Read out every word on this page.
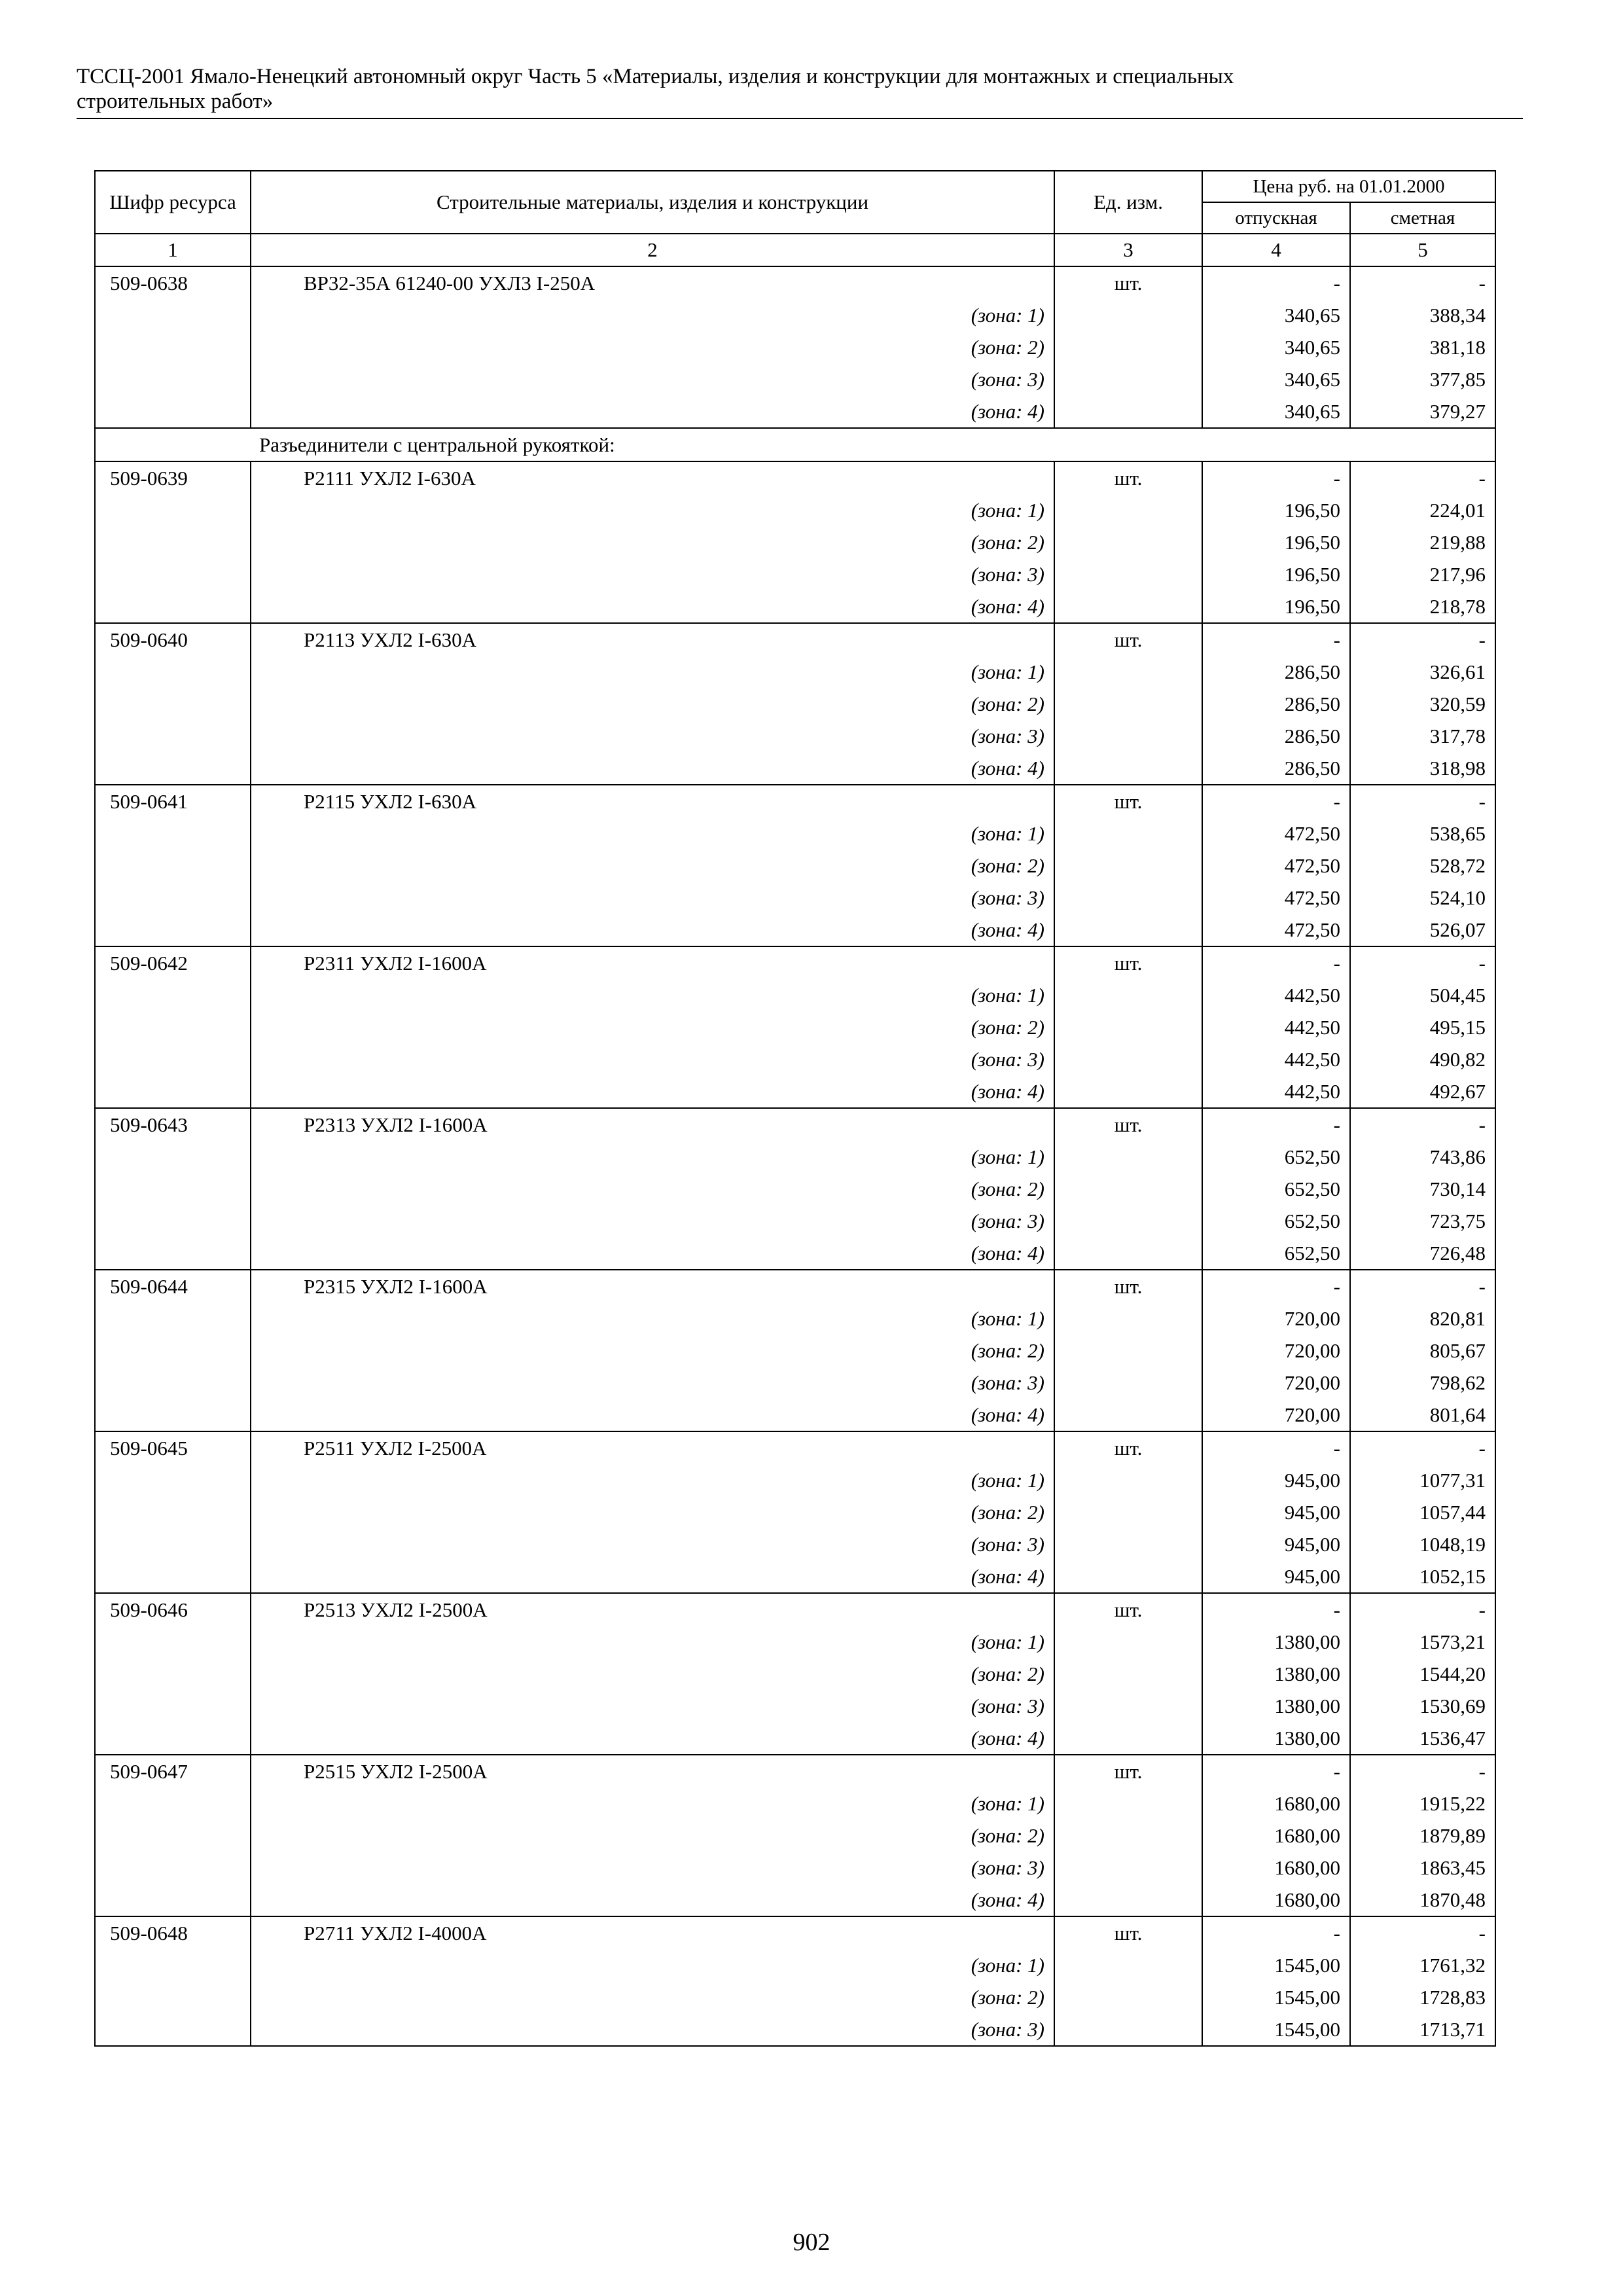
ТССЦ-2001 Ямало-Ненецкий автономный округ Часть 5 «Материалы, изделия и конструкции для монтажных и специальных
строительных работ»
Шифр ресурса	Строительные материалы, изделия и конструкции	Ед. изм.	Цена руб. на 01.01.2000	
			отпускная	сметная
1	2	3	4	5
509-0638	ВР32-35А 61240-00 УХЛ3 I-250А	шт.	-	-
	(зона: 1)		340,65	388,34
	(зона: 2)		340,65	381,18
	(зона: 3)		340,65	377,85
	(зона: 4)		340,65	379,27
Разъединители с центральной рукояткой:				
509-0639	Р2111 УХЛ2 I-630А	шт.	-	-
	(зона: 1)		196,50	224,01
	(зона: 2)		196,50	219,88
	(зона: 3)		196,50	217,96
	(зона: 4)		196,50	218,78
509-0640	Р2113 УХЛ2 I-630А	шт.	-	-
	(зона: 1)		286,50	326,61
	(зона: 2)		286,50	320,59
	(зона: 3)		286,50	317,78
	(зона: 4)		286,50	318,98
509-0641	Р2115 УХЛ2 I-630А	шт.	-	-
	(зона: 1)		472,50	538,65
	(зона: 2)		472,50	528,72
	(зона: 3)		472,50	524,10
	(зона: 4)		472,50	526,07
509-0642	Р2311 УХЛ2 I-1600А	шт.	-	-
	(зона: 1)		442,50	504,45
	(зона: 2)		442,50	495,15
	(зона: 3)		442,50	490,82
	(зона: 4)		442,50	492,67
509-0643	Р2313 УХЛ2 I-1600А	шт.	-	-
	(зона: 1)		652,50	743,86
	(зона: 2)		652,50	730,14
	(зона: 3)		652,50	723,75
	(зона: 4)		652,50	726,48
509-0644	Р2315 УХЛ2 I-1600А	шт.	-	-
	(зона: 1)		720,00	820,81
	(зона: 2)		720,00	805,67
	(зона: 3)		720,00	798,62
	(зона: 4)		720,00	801,64
509-0645	Р2511 УХЛ2 I-2500А	шт.	-	-
	(зона: 1)		945,00	1077,31
	(зона: 2)		945,00	1057,44
	(зона: 3)		945,00	1048,19
	(зона: 4)		945,00	1052,15
509-0646	Р2513 УХЛ2 I-2500А	шт.	-	-
	(зона: 1)		1380,00	1573,21
	(зона: 2)		1380,00	1544,20
	(зона: 3)		1380,00	1530,69
	(зона: 4)		1380,00	1536,47
509-0647	Р2515 УХЛ2 I-2500А	шт.	-	-
	(зона: 1)		1680,00	1915,22
	(зона: 2)		1680,00	1879,89
	(зона: 3)		1680,00	1863,45
	(зона: 4)		1680,00	1870,48
509-0648	Р2711 УХЛ2 I-4000А	шт.	-	-
	(зона: 1)		1545,00	1761,32
	(зона: 2)		1545,00	1728,83
	(зона: 3)		1545,00	1713,71
902
